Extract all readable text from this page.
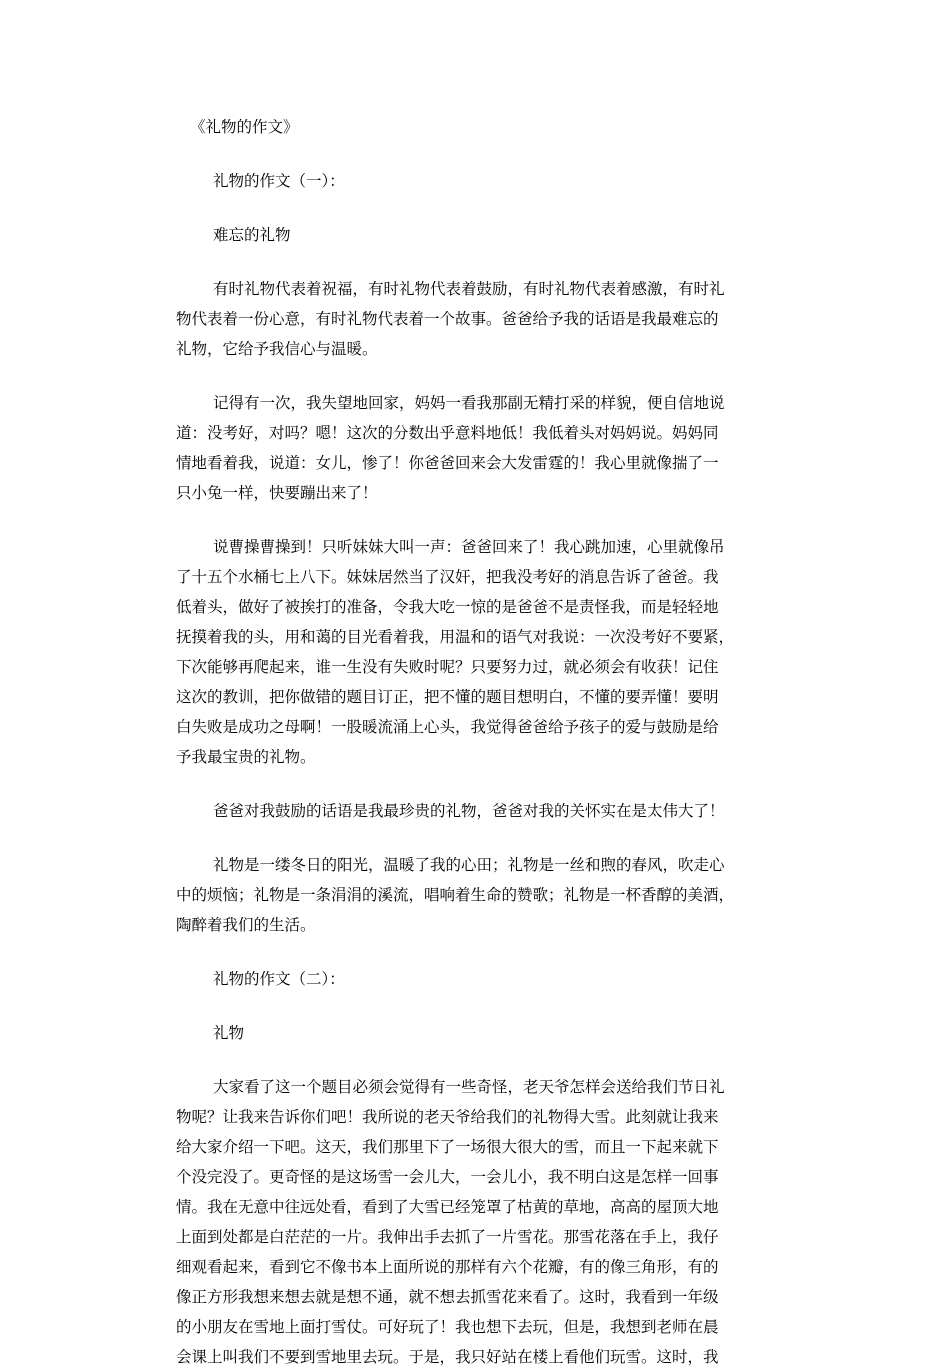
《礼物的作文》
礼物的作文（一）：
难忘的礼物
有时礼物代表着祝福，有时礼物代表着鼓励，有时礼物代表着感激，有时礼
物代表着一份心意，有时礼物代表着一个故事。爸爸给予我的话语是我最难忘的
礼物，它给予我信心与温暖。
记得有一次，我失望地回家，妈妈一看我那副无精打采的样貌，便自信地说
道：没考好，对吗？嗯！这次的分数出乎意料地低！我低着头对妈妈说。妈妈同
情地看着我，说道：女儿，惨了！你爸爸回来会大发雷霆的！我心里就像揣了一
只小兔一样，快要蹦出来了！
说曹操曹操到！只听妹妹大叫一声：爸爸回来了！我心跳加速，心里就像吊
了十五个水桶七上八下。妹妹居然当了汉奸，把我没考好的消息告诉了爸爸。我
低着头，做好了被挨打的准备，令我大吃一惊的是爸爸不是责怪我，而是轻轻地
抚摸着我的头，用和蔼的目光看着我，用温和的语气对我说：一次没考好不要紧，
下次能够再爬起来，谁一生没有失败时呢？只要努力过，就必须会有收获！记住
这次的教训，把你做错的题目订正，把不懂的题目想明白，不懂的要弄懂！要明
白失败是成功之母啊！一股暖流涌上心头，我觉得爸爸给予孩子的爱与鼓励是给
予我最宝贵的礼物。
爸爸对我鼓励的话语是我最珍贵的礼物，爸爸对我的关怀实在是太伟大了！
礼物是一缕冬日的阳光，温暖了我的心田；礼物是一丝和煦的春风，吹走心
中的烦恼；礼物是一条涓涓的溪流，唱响着生命的赞歌；礼物是一杯香醇的美酒，
陶醉着我们的生活。
礼物的作文（二）：
礼物
大家看了这一个题目必须会觉得有一些奇怪，老天爷怎样会送给我们节日礼
物呢？让我来告诉你们吧！我所说的老天爷给我们的礼物得大雪。此刻就让我来
给大家介绍一下吧。这天，我们那里下了一场很大很大的雪，而且一下起来就下
个没完没了。更奇怪的是这场雪一会儿大，一会儿小，我不明白这是怎样一回事
情。我在无意中往远处看，看到了大雪已经笼罩了枯黄的草地，高高的屋顶大地
上面到处都是白茫茫的一片。我伸出手去抓了一片雪花。那雪花落在手上，我仔
细观看起来，看到它不像书本上面所说的那样有六个花瓣，有的像三角形，有的
像正方形我想来想去就是想不通，就不想去抓雪花来看了。这时，我看到一年级
的小朋友在雪地上面打雪仗。可好玩了！我也想下去玩，但是，我想到老师在晨
会课上叫我们不要到雪地里去玩。于是，我只好站在楼上看他们玩雪。这时，我
